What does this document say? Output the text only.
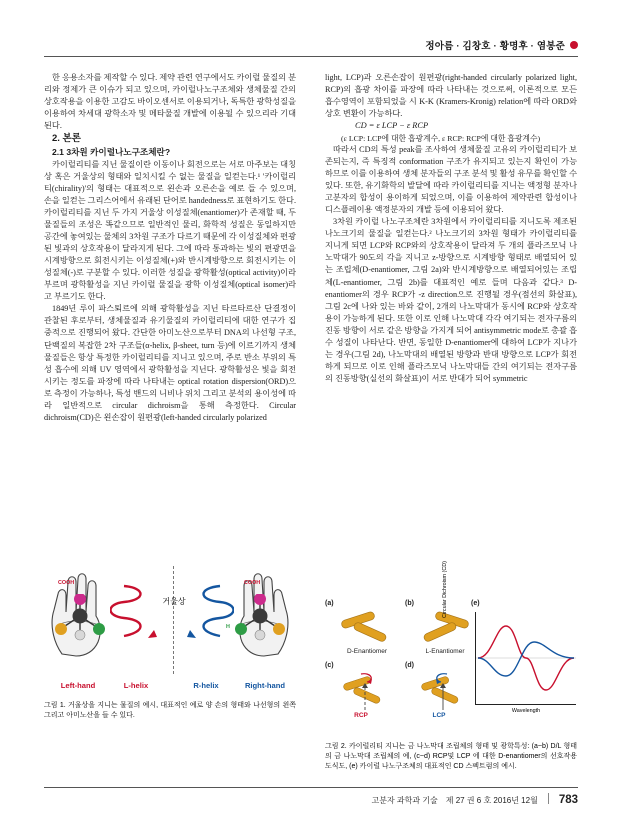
정아름 · 김창호 · 황명후 · 염봉준

한 응용소자를 제작할 수 있다. 제약 관련 연구에서도 카이럴 물질의 분리와 정제가 큰 이슈가 되고 있으며, 카이럴나노구조체와 생체물질 간의 상호작용을 이용한 고감도 바이오센서로 이용되거나, 독특한 광학성질을 이용하여 차세대 광학소자 및 메타물질 개발에 이용될 수 있으리라 기대된다.

2. 본론

2.1 3차원 카이럴나노구조체란?

카이럴리티를 지닌 물질이란 이동이나 회전으로는 서로 마주보는 대칭상 혹은 거울상의 형태와 일치시킬 수 없는 물질을 일컫는다.¹ '카이럴리티(chirality)'의 형태는 대표적으로 왼손과 오른손을 예로 들 수 있으며, 손을 일컫는 그리스어에서 유래된 단어로 handedness로 표현하기도 한다. 카이럴리티를 지닌 두 가지 거울상 이성질체(enantiomer)가 존재할 때, 두 물질들의 조성은 똑같으므로 일반적인 물리, 화학적 성질은 동일하지만 공간에 놓여있는 물체의 3차원 구조가 다르기 때문에 각 이성질체와 편광된 빛과의 상호작용이 달라지게 된다. 그에 따라 통과하는 빛의 편광면을 시계방향으로 회전시키는 이성질체(+)와 반시계방향으로 회전시키는 이성질체(-)로 구분할 수 있다. 이러한 성질을 광학활성(optical activity)이라 부르며 광학활성을 지닌 카이럴 물질을 광학 이성질체(optical isomer)라고 부르기도 한다.

1849년 루이 파스퇴르에 의해 광학활성을 지닌 타르타르산 단결정이 관찰된 후로부터, 생체물질과 유기물질의 카이럴리티에 대한 연구가 집중적으로 진행되어 왔다. 간단한 아미노산으로부터 DNA의 나선형 구조, 단백질의 복잡한 2차 구조들(α-helix, β-sheet, turn 등)에 이르기까지 생체물질들은 항상 특정한 카이럴리티를 지니고 있으며, 주로 반소 부위의 특성 흡수에 의해 UV 영역에서 광학활성을 지닌다. 광학활성은 빛을 회전시키는 정도를 파장에 따라 나타내는 optical rotation dispersion(ORD)으로 측정이 가능하나, 특성 밴드의 니비나 위치 그리고 분석의 용이성에 따라 일반적으로 circular dichroism을 통해 측정한다. Circular dichroism(CD)은 왼손잡이 원편광(left-handed circularly polarized

light, LCP)과 오른손잡이 원편광(right-handed circularly polarized light, RCP)의 흡광 차이를 파장에 따라 나타내는 것으로써, 이론적으로 모든 흡수영역이 포함되었을 시 K-K (Kramers-Kronig) relation에 따라 ORD와 상호 변환이 가능하다.

CD = ε LCP − ε RCP

(ε LCP: LCP에 대한 흡광계수, ε RCP: RCP에 대한 흡광계수)

따라서 CD의 특성 peak를 조사하여 생체물질 고유의 카이럴리티가 보존되는지, 즉 특징적 conformation 구조가 유지되고 있는지 확인이 가능하므로 이를 이용하여 생체 분자들의 구조 분석 및 활성 유무를 확인할 수 있다. 또한, 유기화학의 발달에 따라 카이럴리티를 지니는 액정형 분자나 고분자의 합성이 용이하게 되었으며, 이를 이용하여 제약관련 합성이나 디스플레이용 액정분자의 개발 등에 이용되어 왔다.

3차원 카이럴 나노구조체란 3차원에서 카이럴리티를 지니도록 제조된 나노크기의 물질을 일컫는다.² 나노크기의 3차원 형태가 카이럴리티를 지니게 되면 LCP와 RCP와의 상호작용이 달라져 두 개의 플라즈모닉 나노막대가 90도의 각을 지니고 z-방향으로 시계방향 형태로 배열되어 있는 조립체(D-enantiomer, 그림 2a)와 반시계방향으로 배열되어있는 조립체(L-enantiomer, 그림 2b)를 대표적인 예로 들며 다음과 같다.³ D-enantiomer의 경우 RCP가 -z direction으로 진행될 경우(점선의 화살표), 그림 2c에 나와 있는 바와 같이, 2개의 나노막대가 동시에 RCP와 상호작용이 가능하게 된다. 또한 이로 인해 나노막대 각각 여기되는 전자구름의 진동 방향이 서로 같은 방향을 가지게 되어 antisymmetric mode로 총괄 흡수 성질이 나타난다. 반면, 동일한 D-enantiomer에 대하여 LCP가 지나가는 경우(그림 2d), 나노막대의 배열된 방향과 반대 방향으로 LCP가 회전하게 되므로 이로 인해 플라즈모닉 나노막대들 간의 여기되는 전자구름의 진동방향(실선의 화살표)이 서로 반대가 되어 symmetric

거울상
COOH
H
COOH
H
Left-hand	L-helix	R-helix	Right-hand
그림 1. 거울상을 지니는 물질의 예시, 대표적인 예로 양 손의 형태와 나선형의 왼쪽 그리고 아미노산을 들 수 있다.
(a)
D-Enantiomer
(b)
L-Enantiomer
(c)
RCP
(d)
LCP
(e)
Circular Dichroism (CD)
Wavelength
그림 2. 카이럴리티 지니는 금 나노막대 조립체의 형태 및 광학특성: (a~b) D/L 형태의 금 나노막대 조립체의 예, (c~d) RCP및 LCP 에 대한 D-enantiomer의 선호작용 도식도, (e) 카이럴 나노구조체의 대표적인 CD 스펙트럼의 예시.
고분자 과학과 기술 제 27 권 6 호 2016년 12월 783
